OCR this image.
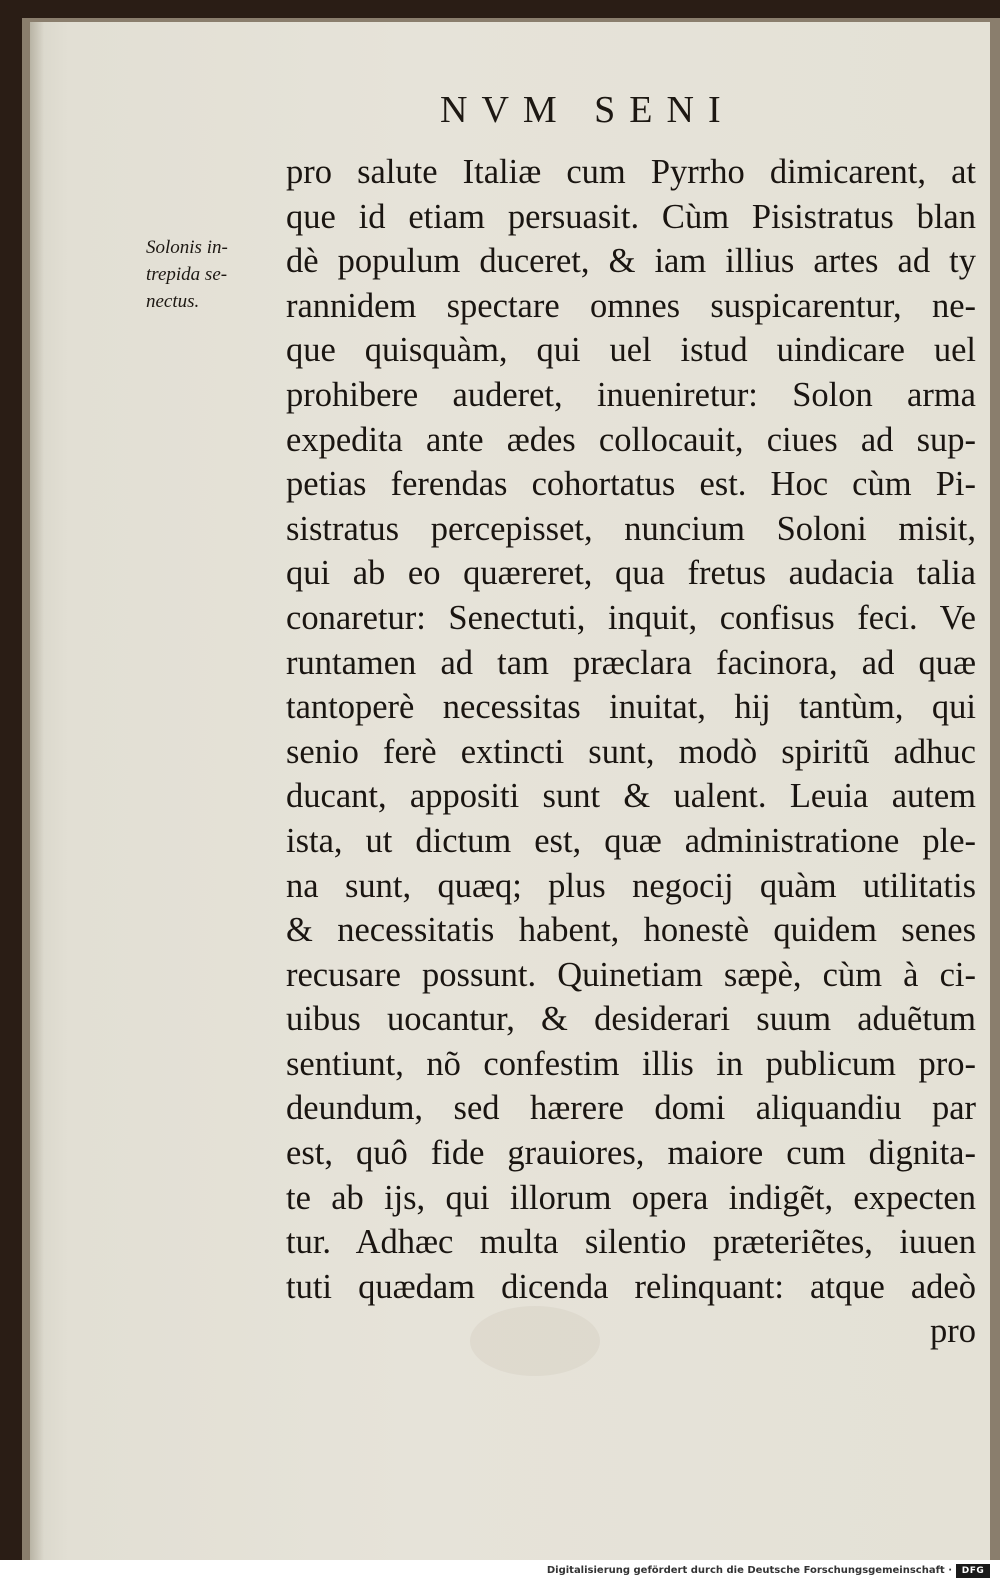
NVM SENI
Solonis in-
trepida se-
nectus.
pro salute Italiæ cum Pyrrho dimicarent, at
que id etiam persuasit. Cùm Pisistratus blan
dè populum duceret, & iam illius artes ad ty
rannidem spectare omnes suspicarentur, ne-
que quisquàm, qui uel istud uindicare uel
prohibere auderet, inueniretur: Solon arma
expedita ante ædes collocauit, ciues ad sup-
petias ferendas cohortatus est. Hoc cùm Pi-
sistratus percepisset, nuncium Soloni misit,
qui ab eo quæreret, qua fretus audacia talia
conaretur: Senectuti, inquit, confisus feci. Ve
runtamen ad tam præclara facinora, ad quæ
tantoperè necessitas inuitat, hĳ tantùm, qui
senio ferè extincti sunt, modò spiritũ adhuc
ducant, appositi sunt & ualent. Leuia autem
ista, ut dictum est, quæ administratione ple-
na sunt, quæq; plus negocĳ quàm utilitatis
& necessitatis habent, honestè quidem senes
recusare possunt. Quinetiam sæpè, cùm à ci-
uibus uocantur, & desiderari suum aduẽtum
sentiunt, nõ confestim illis in publicum pro-
deundum, sed hærere domi aliquandiu par
est, quô fide grauiores, maiore cum dignita-
te ab ĳs, qui illorum opera indigẽt, expecten
tur. Adhæc multa silentio præteriẽtes, iuuen
tuti quædam dicenda relinquant: atque adeò
pro
Digitalisierung gefördert durch die Deutsche Forschungsgemeinschaft ·	DFG
